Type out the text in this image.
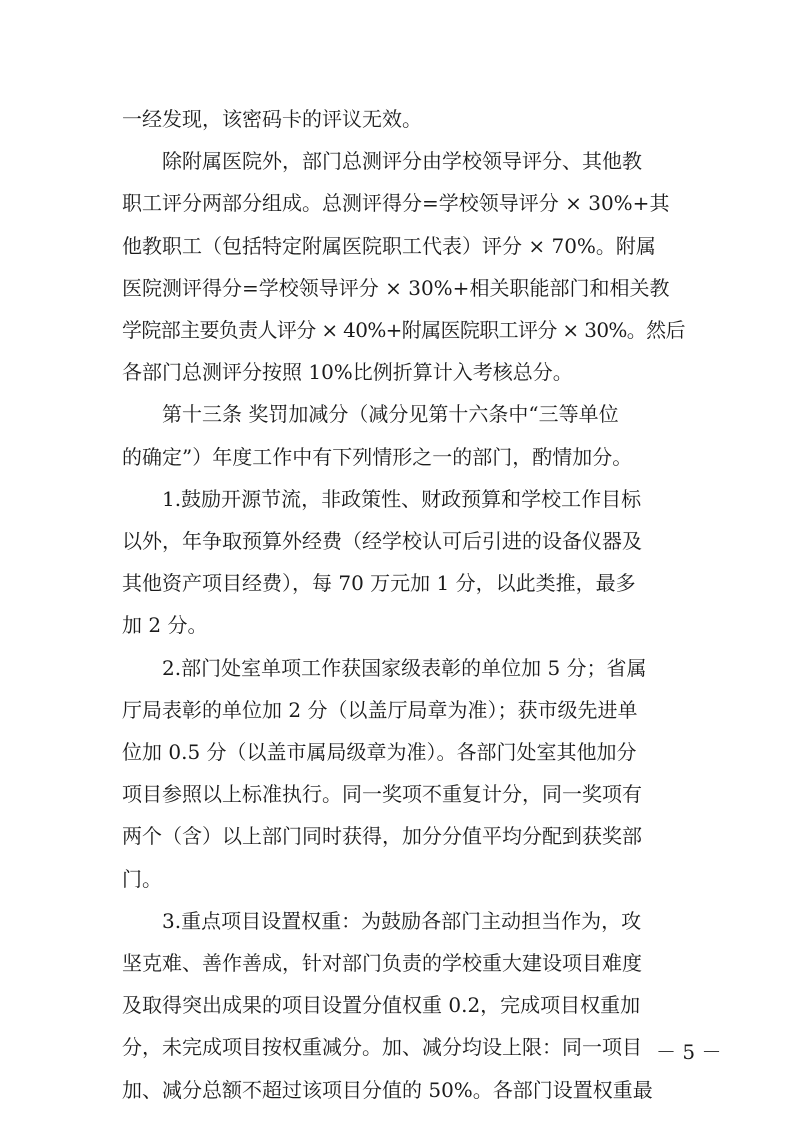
一经发现，该密码卡的评议无效。
除附属医院外，部门总测评分由学校领导评分、其他教
职工评分两部分组成。总测评得分=学校领导评分 × 30%+其
他教职工（包括特定附属医院职工代表）评分 × 70%。附属
医院测评得分=学校领导评分 × 30%+相关职能部门和相关教
学院部主要负责人评分 × 40%+附属医院职工评分 × 30%。然后
各部门总测评分按照 10%比例折算计入考核总分。
第十三条 奖罚加减分（减分见第十六条中“三等单位
的确定”）年度工作中有下列情形之一的部门，酌情加分。
1.鼓励开源节流，非政策性、财政预算和学校工作目标
以外，年争取预算外经费（经学校认可后引进的设备仪器及
其他资产项目经费），每 70 万元加 1 分，以此类推，最多
加 2 分。
2.部门处室单项工作获国家级表彰的单位加 5 分；省属
厅局表彰的单位加 2 分（以盖厅局章为准）；获市级先进单
位加 0.5 分（以盖市属局级章为准）。各部门处室其他加分
项目参照以上标准执行。同一奖项不重复计分，同一奖项有
两个（含）以上部门同时获得，加分分值平均分配到获奖部
门。
3.重点项目设置权重：为鼓励各部门主动担当作为，攻
坚克难、善作善成，针对部门负责的学校重大建设项目难度
及取得突出成果的项目设置分值权重 0.2，完成项目权重加
分，未完成项目按权重减分。加、减分均设上限：同一项目
加、减分总额不超过该项目分值的 50%。各部门设置权重最
－ 5 －
